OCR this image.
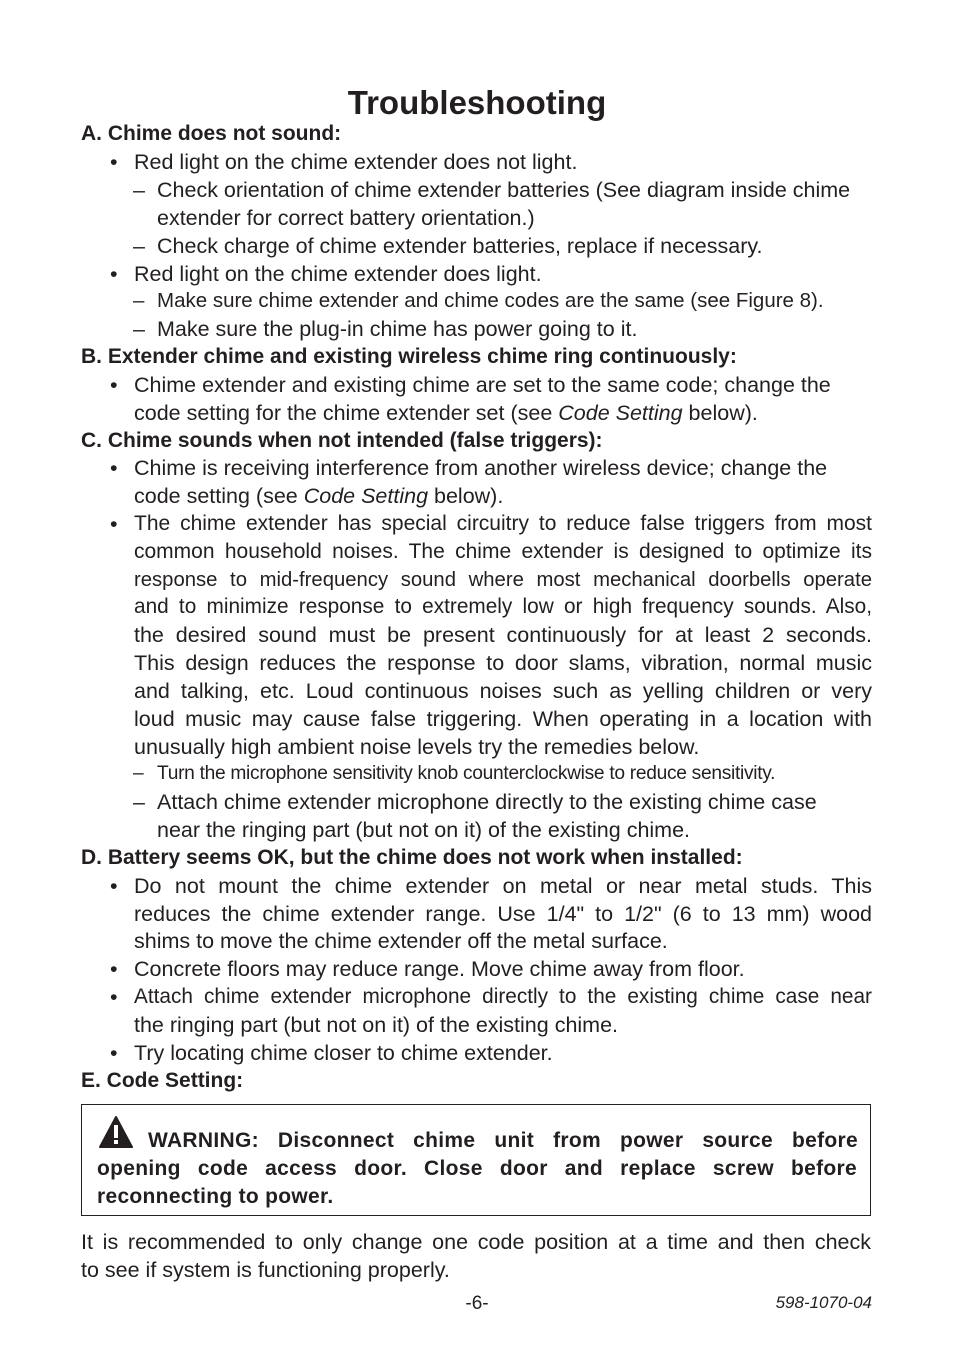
Troubleshooting
A. Chime does not sound:
• Red light on the chime extender does not light.
– Check orientation of chime extender batteries (See diagram inside chime
extender for correct battery orientation.)
– Check charge of chime extender batteries, replace if necessary.
• Red light on the chime extender does light.
– Make sure chime extender and chime codes are the same (see Figure 8).
– Make sure the plug-in chime has power going to it.
B. Extender chime and existing wireless chime ring continuously:
• Chime extender and existing chime are set to the same code; change the
code setting for the chime extender set (see Code Setting below).
C. Chime sounds when not intended (false triggers):
• Chime is receiving interference from another wireless device; change the
code setting (see Code Setting below).
• The chime extender has special circuitry to reduce false triggers from most
common household noises. The chime extender is designed to optimize its
response to mid-frequency sound where most mechanical doorbells operate
and to minimize response to extremely low or high frequency sounds. Also,
the desired sound must be present continuously for at least 2 seconds.
This design reduces the response to door slams, vibration, normal music
and talking, etc. Loud continuous noises such as yelling children or very
loud music may cause false triggering. When operating in a location with
unusually high ambient noise levels try the remedies below.
– Turn the microphone sensitivity knob counterclockwise to reduce sensitivity.
– Attach chime extender microphone directly to the existing chime case
near the ringing part (but not on it) of the existing chime.
D. Battery seems OK, but the chime does not work when installed:
• Do not mount the chime extender on metal or near metal studs. This
reduces the chime extender range. Use 1/4" to 1/2" (6 to 13 mm) wood
shims to move the chime extender off the metal surface.
• Concrete floors may reduce range. Move chime away from floor.
• Attach chime extender microphone directly to the existing chime case near
the ringing part (but not on it) of the existing chime.
• Try locating chime closer to chime extender.
E. Code Setting:
WARNING: Disconnect chime unit from power source before
opening code access door. Close door and replace screw before
reconnecting to power.
It is recommended to only change one code position at a time and then check
to see if system is functioning properly.
-6-	598-1070-04
